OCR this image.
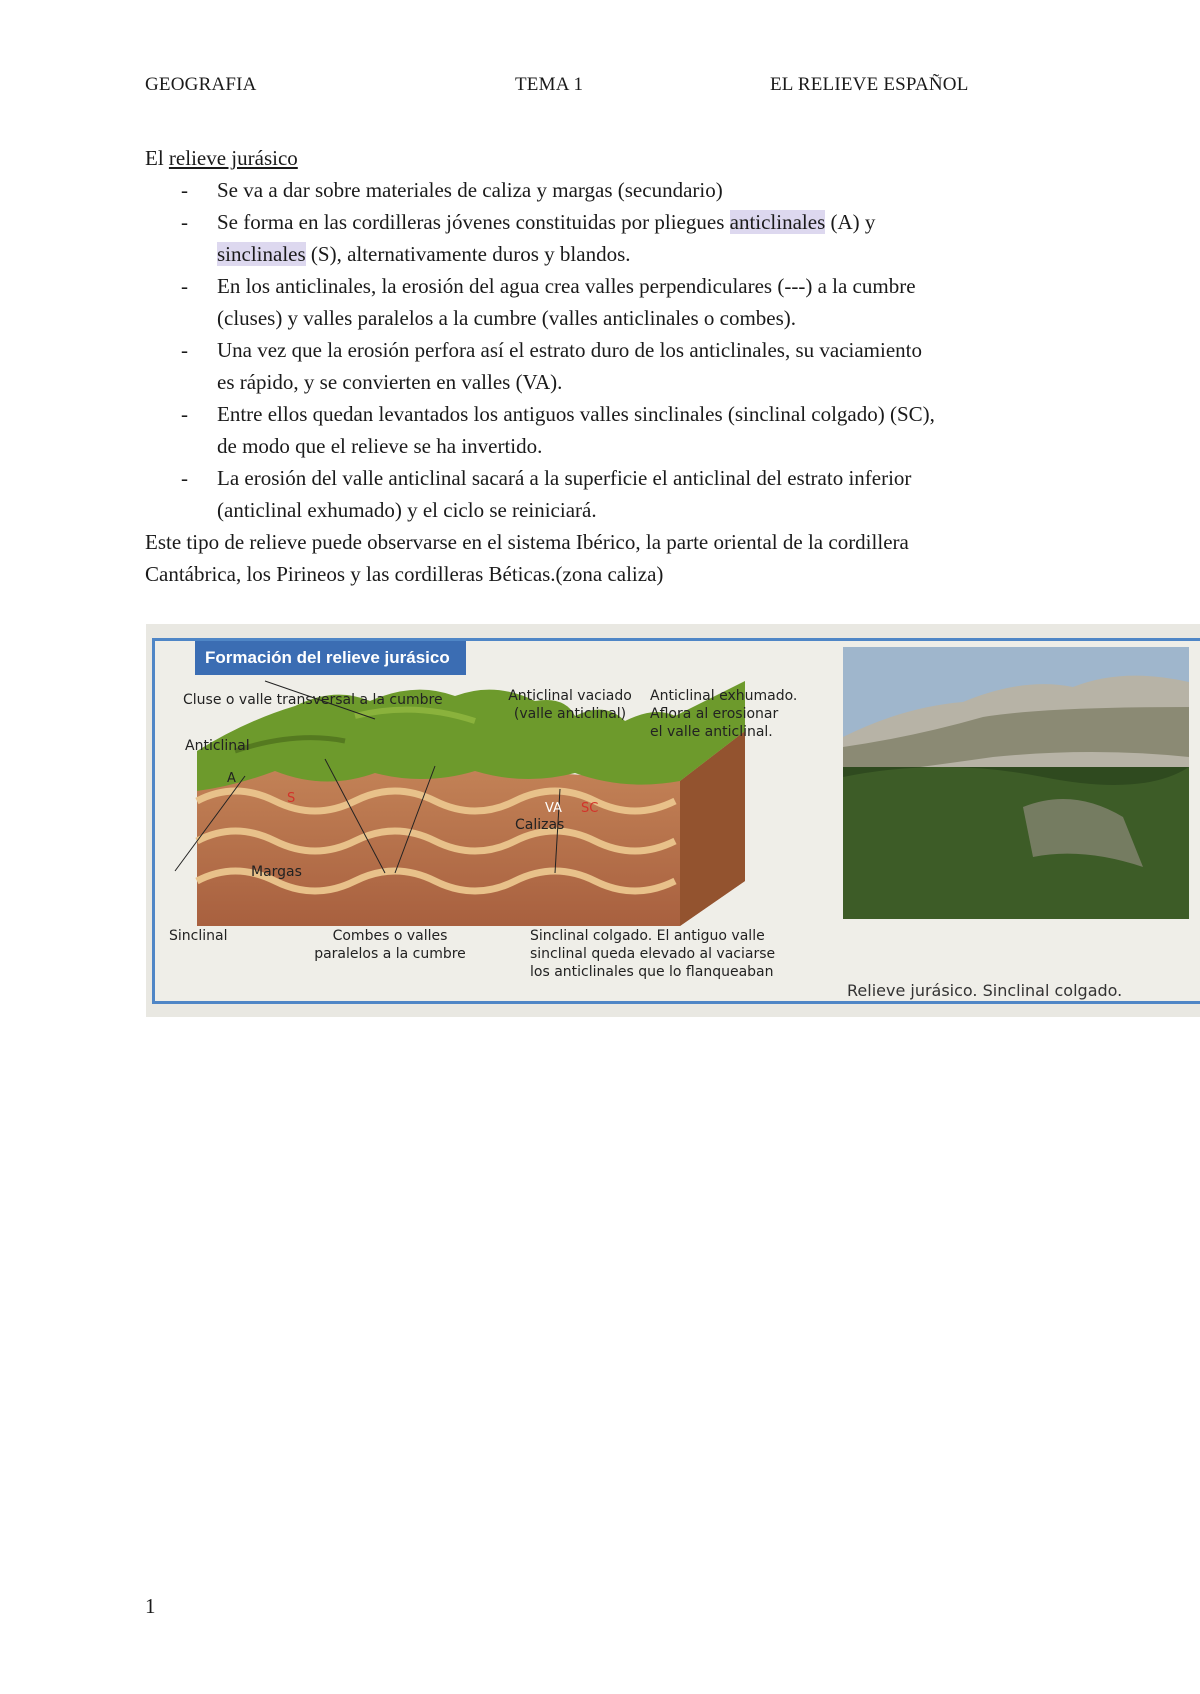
GEOGRAFIA	TEMA 1	EL RELIEVE ESPAÑOL
El relieve jurásico
- Se va a dar sobre materiales de caliza y margas (secundario)
- Se forma en las cordilleras jóvenes constituidas por pliegues anticlinales (A) y
sinclinales (S), alternativamente duros y blandos.
- En los anticlinales, la erosión del agua crea valles perpendiculares (---) a la cumbre
(cluses) y valles paralelos a la cumbre (valles anticlinales o combes).
- Una vez que la erosión perfora así el estrato duro de los anticlinales, su vaciamiento
es rápido, y se convierten en valles (VA).
- Entre ellos quedan levantados los antiguos valles sinclinales (sinclinal colgado) (SC),
de modo que el relieve se ha invertido.
- La erosión del valle anticlinal sacará a la superficie el anticlinal del estrato inferior
(anticlinal exhumado) y el ciclo se reiniciará.

Este tipo de relieve puede observarse en el sistema Ibérico, la parte oriental de la cordillera
Cantábrica, los Pirineos y las cordilleras Béticas.(zona caliza)

Formación del relieve jurásico
Cluse o valle transversal a la cumbre
Anticlinal
Anticlinal vaciado
(valle anticlinal)
Anticlinal exhumado.
Aflora al erosionar
el valle anticlinal.
Calizas
Margas
Sinclinal	Combes o valles
paralelos a la cumbre
Sinclinal colgado. El antiguo valle
sinclinal queda elevado al vaciarse
los anticlinales que lo flanqueaban
A
S
VA SC
Relieve jurásico. Sinclinal colgado.
1
